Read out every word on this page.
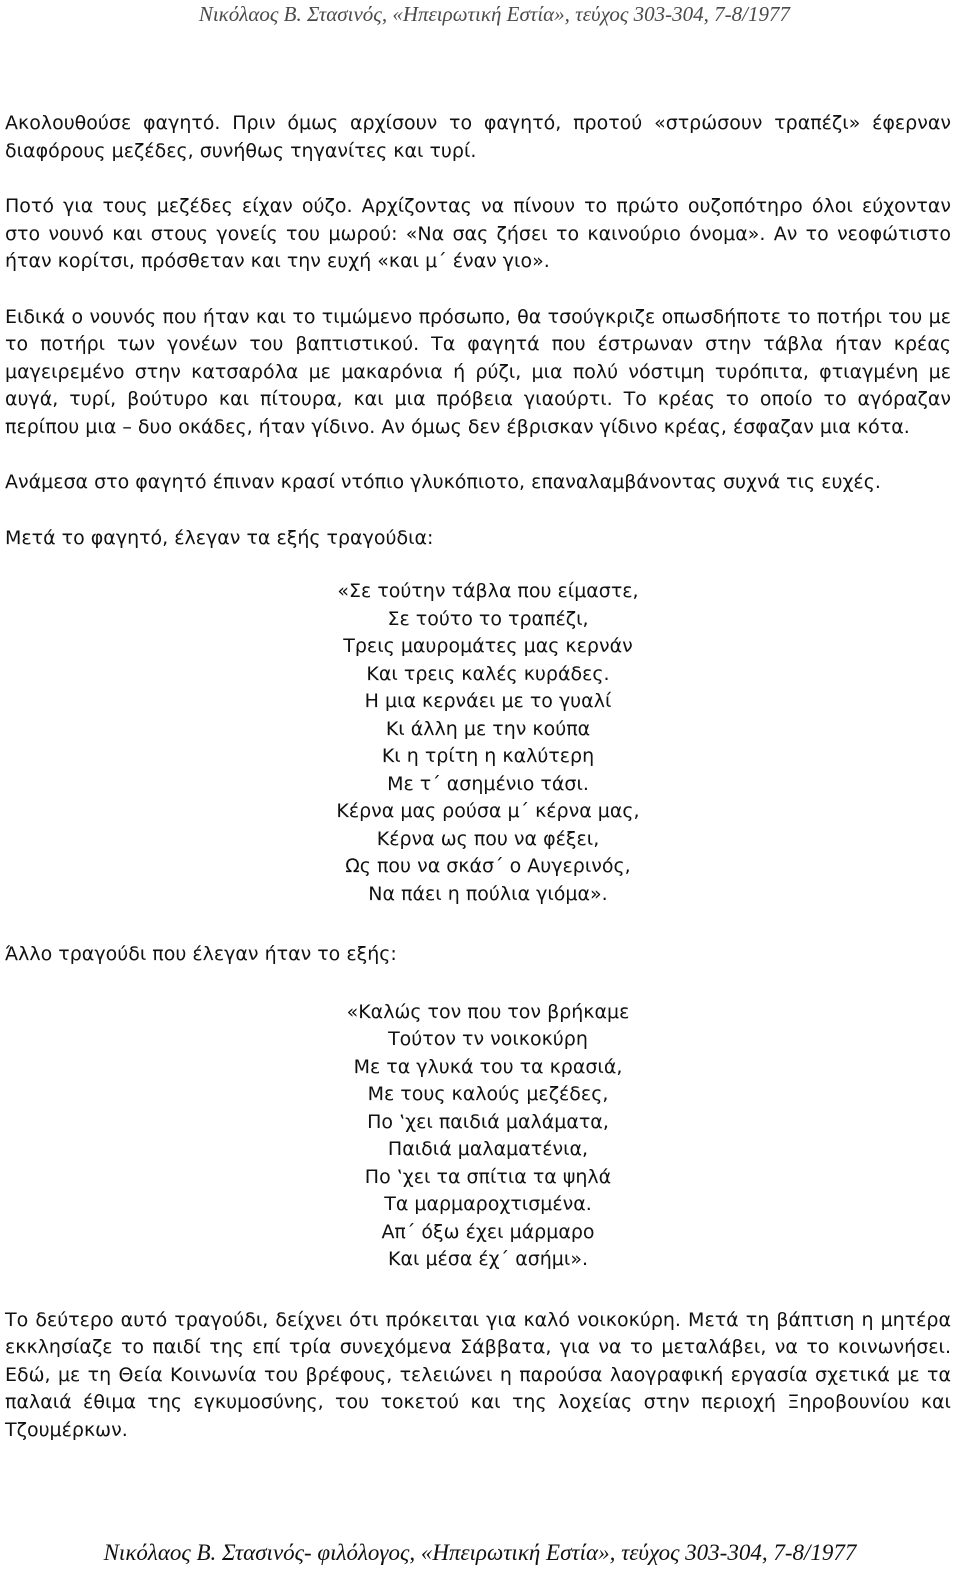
Νικόλαος Β. Στασινός, «Ηπειρωτική Εστία», τεύχος 303-304, 7-8/1977

Ακολουθούσε φαγητό. Πριν όμως αρχίσουν το φαγητό, προτού «στρώσουν τραπέζι» έφερναν διαφόρους μεζέδες, συνήθως τηγανίτες και τυρί.

Ποτό για τους μεζέδες είχαν ούζο. Αρχίζοντας να πίνουν το πρώτο ουζοπότηρο όλοι εύχονταν στο νουνό και στους γονείς του μωρού: «Να σας ζήσει το καινούριο όνομα». Αν το νεοφώτιστο ήταν κορίτσι, πρόσθεταν και την ευχή «και μ΄ έναν γιο».

Ειδικά ο νουνός που ήταν και το τιμώμενο πρόσωπο, θα τσούγκριζε οπωσδήποτε το ποτήρι του με το ποτήρι των γονέων του βαπτιστικού. Τα φαγητά που έστρωναν στην τάβλα ήταν κρέας μαγειρεμένο στην κατσαρόλα με μακαρόνια ή ρύζι, μια πολύ νόστιμη τυρόπιτα, φτιαγμένη με αυγά, τυρί, βούτυρο και πίτουρα, και μια πρόβεια γιαούρτι. Το κρέας το οποίο το αγόραζαν περίπου μια – δυο οκάδες, ήταν γίδινο. Αν όμως δεν έβρισκαν γίδινο κρέας, έσφαζαν μια κότα.

Ανάμεσα στο φαγητό έπιναν κρασί ντόπιο γλυκόπιοτο, επαναλαμβάνοντας συχνά τις ευχές.

Μετά το φαγητό, έλεγαν τα εξής τραγούδια:

«Σε τούτην τάβλα που είμαστε,
Σε τούτο το τραπέζι,
Τρεις μαυρομάτες μας κερνάν
Και τρεις καλές κυράδες.
Η μια κερνάει με το γυαλί
Κι άλλη με την κούπα
Κι η τρίτη η καλύτερη
Με τ΄ ασημένιο τάσι.
Κέρνα μας ρούσα μ΄ κέρνα μας,
Κέρνα ως που να φέξει,
Ως που να σκάσ΄ ο Αυγερινός,
Να πάει η πούλια γιόμα».

Άλλο τραγούδι που έλεγαν ήταν το εξής:

«Καλώς τον που τον βρήκαμε
Τούτον τν νοικοκύρη
Με τα γλυκά του τα κρασιά,
Με τους καλούς μεζέδες,
Πο ‛χει παιδιά μαλάματα,
Παιδιά μαλαματένια,
Πο ‛χει τα σπίτια τα ψηλά
Τα μαρμαροχτισμένα.
Απ΄ όξω έχει μάρμαρο
Και μέσα έχ΄ ασήμι».

Το δεύτερο αυτό τραγούδι, δείχνει ότι πρόκειται για καλό νοικοκύρη. Μετά τη βάπτιση η μητέρα εκκλησίαζε το παιδί της επί τρία συνεχόμενα Σάββατα, για να το μεταλάβει, να το κοινωνήσει. Εδώ, με τη Θεία Κοινωνία του βρέφους, τελειώνει η παρούσα λαογραφική εργασία σχετικά με τα παλαιά έθιμα της εγκυμοσύνης, του τοκετού και της λοχείας στην περιοχή Ξηροβουνίου και Τζουμέρκων.

Νικόλαος Β. Στασινός- φιλόλογος, «Ηπειρωτική Εστία», τεύχος 303-304, 7-8/1977
